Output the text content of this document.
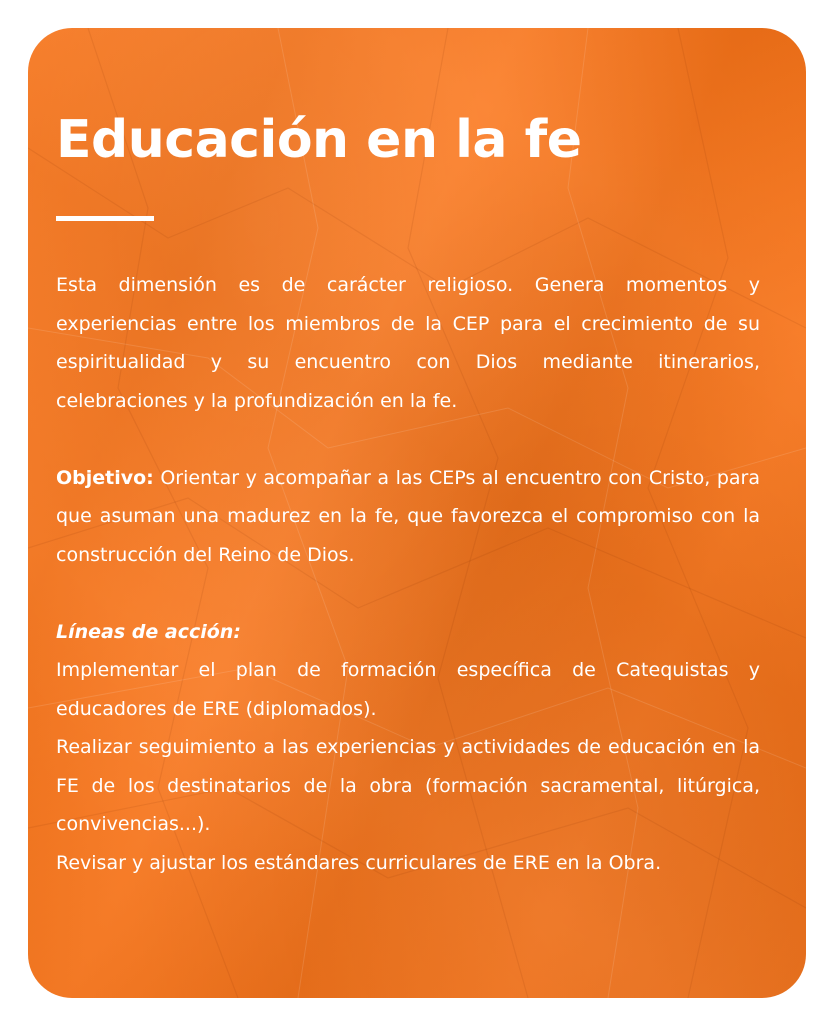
Educación en la fe

Esta dimensión es de carácter religioso. Genera momentos y experiencias entre los miembros de la CEP para el crecimiento de su espiritualidad y su encuentro con Dios mediante itinerarios, celebraciones y la profundización en la fe.

Objetivo: Orientar y acompañar a las CEPs al encuentro con Cristo, para que asuman una madurez en la fe, que favorezca el compromiso con la construcción del Reino de Dios.

Líneas de acción:

Implementar el plan de formación específica de Catequistas y educadores de ERE (diplomados).

Realizar seguimiento a las experiencias y actividades de educación en la FE de los destinatarios de la obra (formación sacramental, litúrgica, convivencias...).

Revisar y ajustar los estándares curriculares de ERE en la Obra.
